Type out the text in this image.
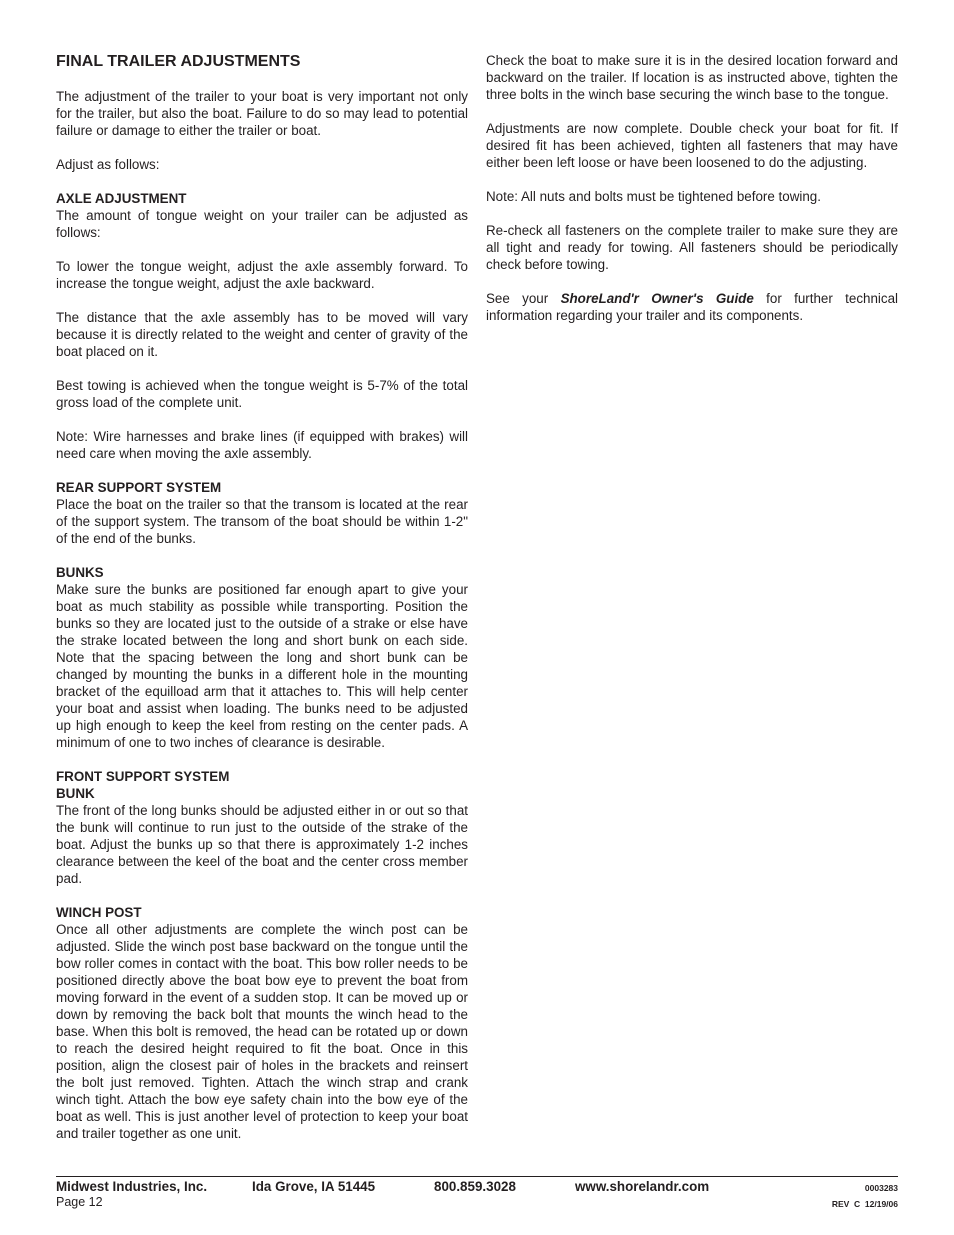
FINAL TRAILER ADJUSTMENTS

The adjustment of the trailer to your boat is very important not only for the trailer, but also the boat. Failure to do so may lead to potential failure or damage to either the trailer or boat.

Adjust as follows:

AXLE ADJUSTMENT

The amount of tongue weight on your trailer can be adjusted as follows:

To lower the tongue weight, adjust the axle assembly forward. To increase the tongue weight, adjust the axle backward.

The distance that the axle assembly has to be moved will vary because it is directly related to the weight and center of gravity of the boat placed on it.

Best towing is achieved when the tongue weight is 5-7% of the total gross load of the complete unit.

Note: Wire harnesses and brake lines (if equipped with brakes) will need care when moving the axle assembly.

REAR SUPPORT SYSTEM

Place the boat on the trailer so that the transom is located at the rear of the support system. The transom of the boat should be within 1-2" of the end of the bunks.

BUNKS

Make sure the bunks are positioned far enough apart to give your boat as much stability as possible while transporting. Position the bunks so they are located just to the outside of a strake or else have the strake located between the long and short bunk on each side. Note that the spacing between the long and short bunk can be changed by mounting the bunks in a different hole in the mounting bracket of the equilload arm that it attaches to. This will help center your boat and assist when loading. The bunks need to be adjusted up high enough to keep the keel from resting on the center pads. A minimum of one to two inches of clearance is desirable.

FRONT SUPPORT SYSTEM
BUNK

The front of the long bunks should be adjusted either in or out so that the bunk will continue to run just to the outside of the strake of the boat. Adjust the bunks up so that there is approximately 1-2 inches clearance between the keel of the boat and the center cross member pad.

WINCH POST

Once all other adjustments are complete the winch post can be adjusted. Slide the winch post base backward on the tongue until the bow roller comes in contact with the boat. This bow roller needs to be positioned directly above the boat bow eye to prevent the boat from moving forward in the event of a sudden stop. It can be moved up or down by removing the back bolt that mounts the winch head to the base. When this bolt is removed, the head can be rotated up or down to reach the desired height required to fit the boat. Once in this position, align the closest pair of holes in the brackets and reinsert the bolt just removed. Tighten. Attach the winch strap and crank winch tight. Attach the bow eye safety chain into the bow eye of the boat as well. This is just another level of protection to keep your boat and trailer together as one unit.

Check the boat to make sure it is in the desired location forward and backward on the trailer. If location is as instructed above, tighten the three bolts in the winch base securing the winch base to the tongue.

Adjustments are now complete. Double check your boat for fit. If desired fit has been achieved, tighten all fasteners that may have either been left loose or have been loosened to do the adjusting.

Note: All nuts and bolts must be tightened before towing.

Re-check all fasteners on the complete trailer to make sure they are all tight and ready for towing. All fasteners should be periodically check before towing.

See your ShoreLand'r Owner's Guide for further technical information regarding your trailer and its components.

Midwest Industries, Inc.	Ida Grove, IA 51445	800.859.3028	www.shorelandr.com	0003283
Page 12	REV  C  12/19/06
